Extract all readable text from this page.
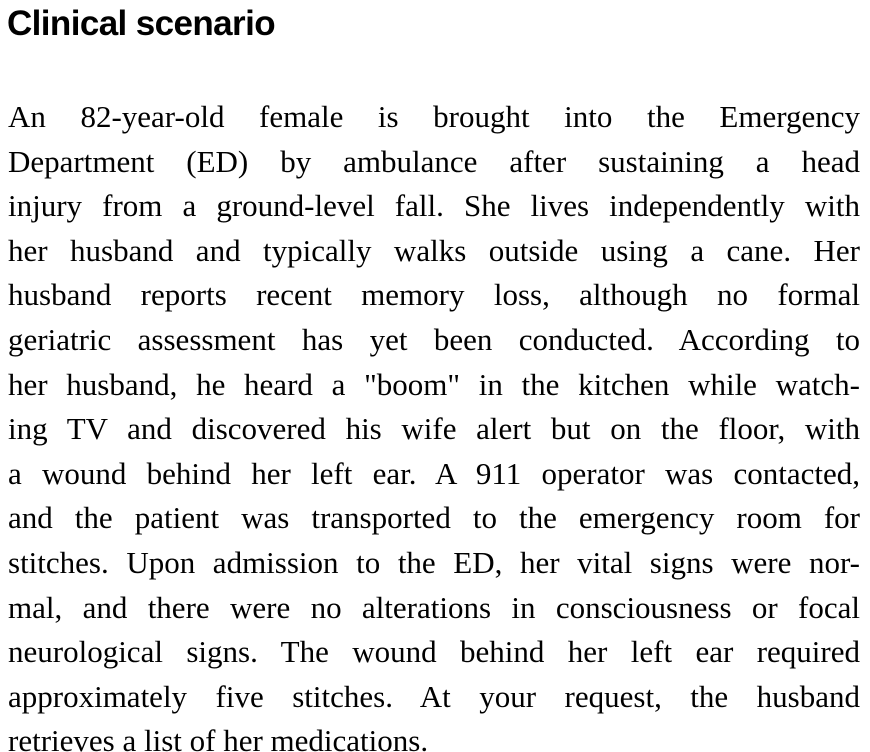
Clinical scenario
An 82-year-old female is brought into the Emergency
Department (ED) by ambulance after sustaining a head
injury from a ground-level fall. She lives independently with
her husband and typically walks outside using a cane. Her
husband reports recent memory loss, although no formal
geriatric assessment has yet been conducted. According to
her husband, he heard a "boom" in the kitchen while watch-
ing TV and discovered his wife alert but on the floor, with
a wound behind her left ear. A 911 operator was contacted,
and the patient was transported to the emergency room for
stitches. Upon admission to the ED, her vital signs were nor-
mal, and there were no alterations in consciousness or focal
neurological signs. The wound behind her left ear required
approximately five stitches. At your request, the husband
retrieves a list of her medications.
